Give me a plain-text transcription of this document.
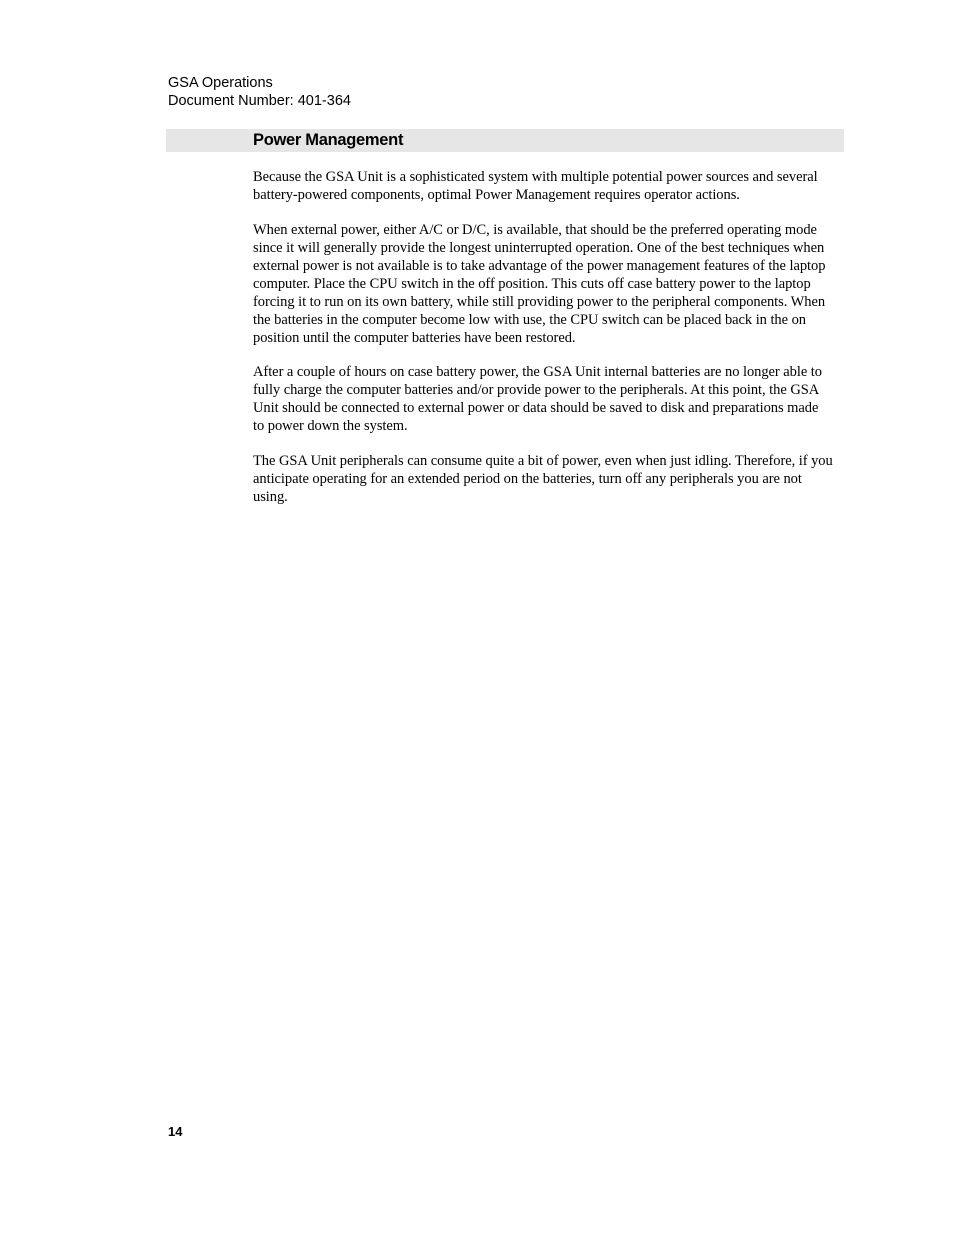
GSA Operations
Document Number: 401-364
Power Management

Because the GSA Unit is a sophisticated system with multiple potential power sources and several battery-powered components, optimal Power Management requires operator actions.

When external power, either A/C or D/C, is available, that should be the preferred operating mode since it will generally provide the longest uninterrupted operation. One of the best techniques when external power is not available is to take advantage of the power management features of the laptop computer. Place the CPU switch in the off position. This cuts off case battery power to the laptop forcing it to run on its own battery, while still providing power to the peripheral components. When the batteries in the computer become low with use, the CPU switch can be placed back in the on position until the computer batteries have been restored.

After a couple of hours on case battery power, the GSA Unit internal batteries are no longer able to fully charge the computer batteries and/or provide power to the peripherals. At this point, the GSA Unit should be connected to external power or data should be saved to disk and preparations made to power down the system.

The GSA Unit peripherals can consume quite a bit of power, even when just idling. Therefore, if you anticipate operating for an extended period on the batteries, turn off any peripherals you are not using.

14
